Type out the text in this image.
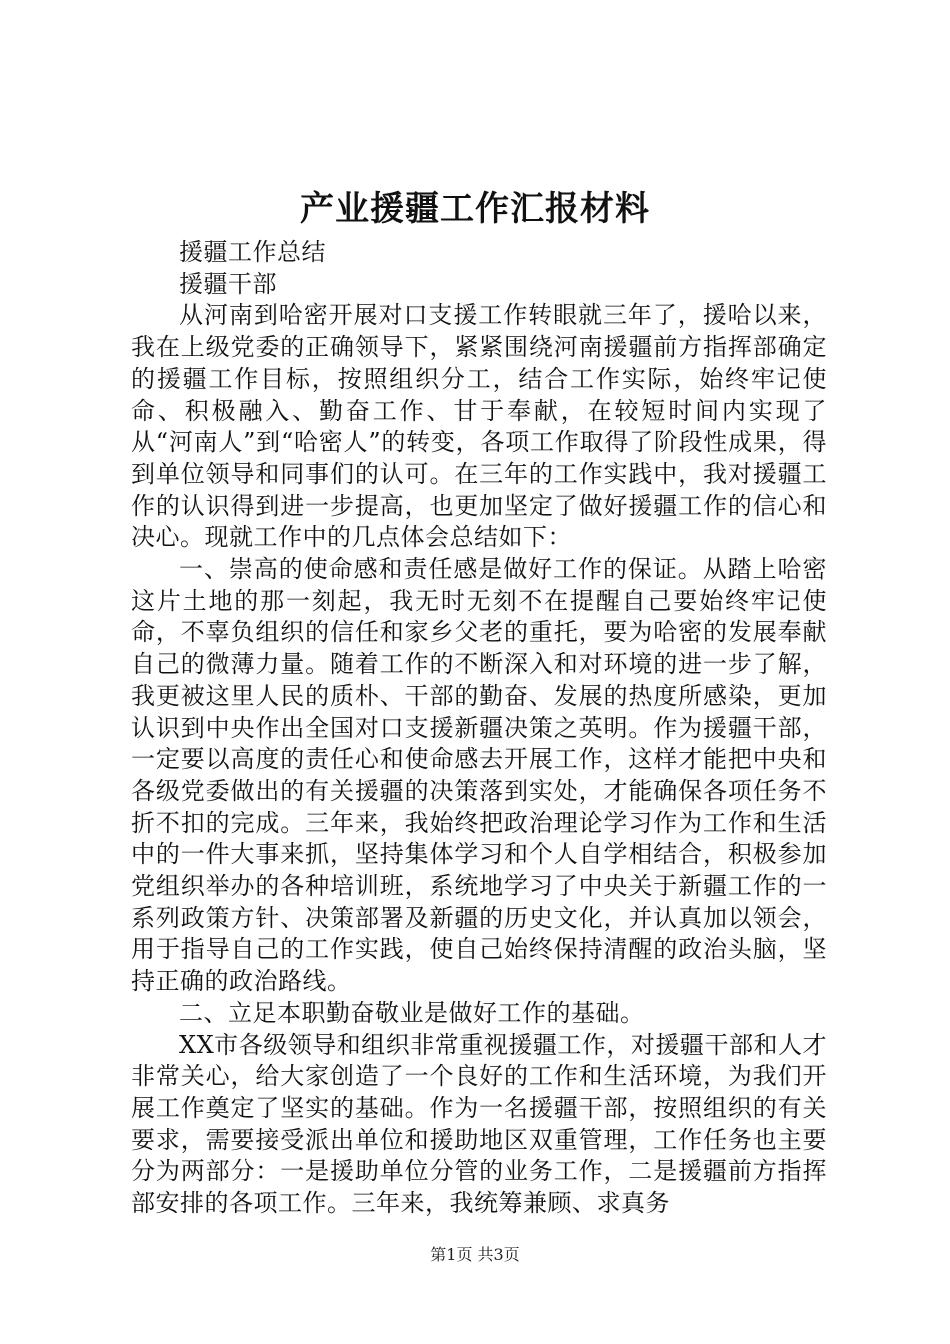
产业援疆工作汇报材料

援疆工作总结

援疆干部

从河南到哈密开展对口支援工作转眼就三年了，援哈以来，我在上级党委的正确领导下，紧紧围绕河南援疆前方指挥部确定的援疆工作目标，按照组织分工，结合工作实际，始终牢记使命、积极融入、勤奋工作、甘于奉献，在较短时间内实现了从“河南人”到“哈密人”的转变，各项工作取得了阶段性成果，得到单位领导和同事们的认可。在三年的工作实践中，我对援疆工作的认识得到进一步提高，也更加坚定了做好援疆工作的信心和决心。现就工作中的几点体会总结如下：

一、崇高的使命感和责任感是做好工作的保证。从踏上哈密这片土地的那一刻起，我无时无刻不在提醒自己要始终牢记使命，不辜负组织的信任和家乡父老的重托，要为哈密的发展奉献自己的微薄力量。随着工作的不断深入和对环境的进一步了解，我更被这里人民的质朴、干部的勤奋、发展的热度所感染，更加认识到中央作出全国对口支援新疆决策之英明。作为援疆干部，一定要以高度的责任心和使命感去开展工作，这样才能把中央和各级党委做出的有关援疆的决策落到实处，才能确保各项任务不折不扣的完成。三年来，我始终把政治理论学习作为工作和生活中的一件大事来抓，坚持集体学习和个人自学相结合，积极参加党组织举办的各种培训班，系统地学习了中央关于新疆工作的一系列政策方针、决策部署及新疆的历史文化，并认真加以领会，用于指导自己的工作实践，使自己始终保持清醒的政治头脑，坚持正确的政治路线。

二、立足本职勤奋敬业是做好工作的基础。

XX市各级领导和组织非常重视援疆工作，对援疆干部和人才非常关心，给大家创造了一个良好的工作和生活环境，为我们开展工作奠定了坚实的基础。作为一名援疆干部，按照组织的有关要求，需要接受派出单位和援助地区双重管理，工作任务也主要分为两部分：一是援助单位分管的业务工作，二是援疆前方指挥部安排的各项工作。三年来，我统筹兼顾、求真务

第1页 共3页
